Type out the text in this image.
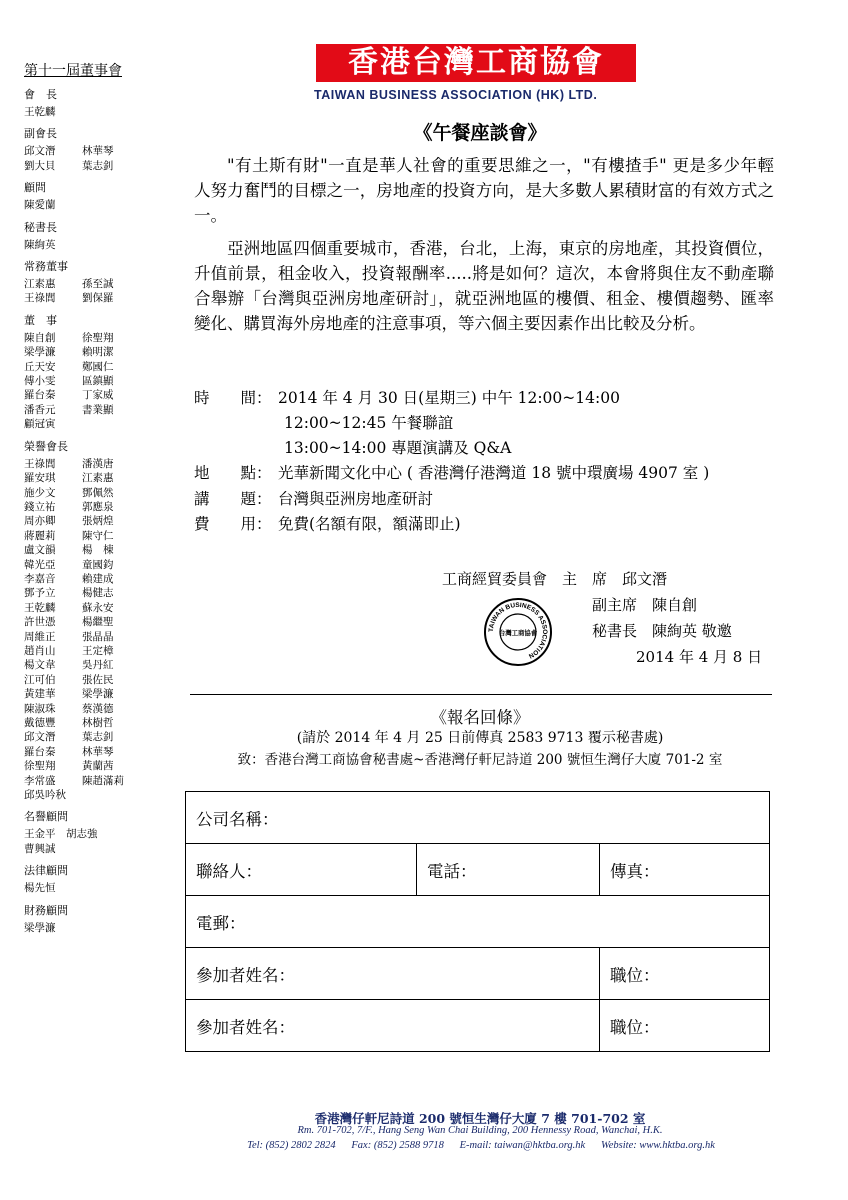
第十一屆董事會
會　長
王乾麟
副會長
邱文潛	林華琴
劉大貝	葉志釗
顧問
陳愛蘭
秘書長
陳絢英
常務董事
江素惠	孫至誠
王祿閭	劉保羅
董　事
陳自創	徐聖翔
梁學濂	賴明潔
丘天安	鄭國仁
傅小雯	區鎮顯
羅台秦	丁家威
潘香元	書業顯
顧冠寅
榮譽會長
王祿閭	潘漢唐
羅安琪	江素惠
施少文	鄧佩然
錢立祐	郭應泉
周亦卿	張炳煌
蔣麗莉	陳守仁
盧文韻	楊　棟
韓光亞	童國鈞
李嘉音	賴建成
鄧予立	楊健志
王乾麟	蘇永安
許世憑	楊繼聖
周維正	張晶晶
趙肖山	王定樟
楊文韋	吳丹紅
江可伯	張佐民
黃建華	梁學濂
陳淑珠	蔡漢德
戴德豐	林樹哲
邱文潛	葉志釗
羅台秦	林華琴
徐聖翔	黃蘭茜
李常盛	陳趙滿莉
邱吳吟秋
名譽顧問
王金平　胡志強
曹興誠
法律顧問
楊先恒
財務顧問
梁學濂
香港台灣工商協會
TAIWAN BUSINESS ASSOCIATION (HK) LTD.
《午餐座談會》
"有土斯有財"一直是華人社會的重要思維之一，"有樓揸手" 更是多少年輕人努力奮鬥的目標之一，房地產的投資方向，是大多數人累積財富的有效方式之一。
亞洲地區四個重要城市，香港，台北，上海，東京的房地產，其投資價位，升值前景，租金收入，投資報酬率.....將是如何？這次，本會將與住友不動產聯合舉辦「台灣與亞洲房地產研討」，就亞洲地區的樓價、租金、樓價趨勢、匯率變化、購買海外房地產的注意事項，等六個主要因素作出比較及分析。
時　　間： 2014 年 4 月 30 日(星期三) 中午 12:00~14:00
12:00~12:45 午餐聯誼
13:00~14:00 專題演講及 Q&A
地　　點： 光華新聞文化中心 ( 香港灣仔港灣道 18 號中環廣場 4907 室 )
講　　題： 台灣與亞洲房地產研討
費　　用： 免費(名額有限，額滿即止)
工商經貿委員會　主　席　邱文潛
副主席　陳自創
秘書長　陳絢英 敬邀
2014 年 4 月 8 日
TAIWAN BUSINESS ASSOCIATION
台灣工商協會
《報名回條》
(請於 2014 年 4 月 25 日前傳真 2583 9713 覆示秘書處)
致：香港台灣工商協會秘書處~香港灣仔軒尼詩道 200 號恒生灣仔大廈 701-2 室
公司名稱：		
聯絡人：	電話：	傳真：
電郵：		
參加者姓名：		職位：
參加者姓名：		職位：
香港灣仔軒尼詩道 200 號恒生灣仔大廈 7 樓 701-702 室
Rm. 701-702, 7/F., Hang Seng Wan Chai Building, 200 Hennessy Road, Wanchai, H.K.
Tel: (852) 2802 2824      Fax: (852) 2588 9718      E-mail: taiwan@hktba.org.hk      Website: www.hktba.org.hk
